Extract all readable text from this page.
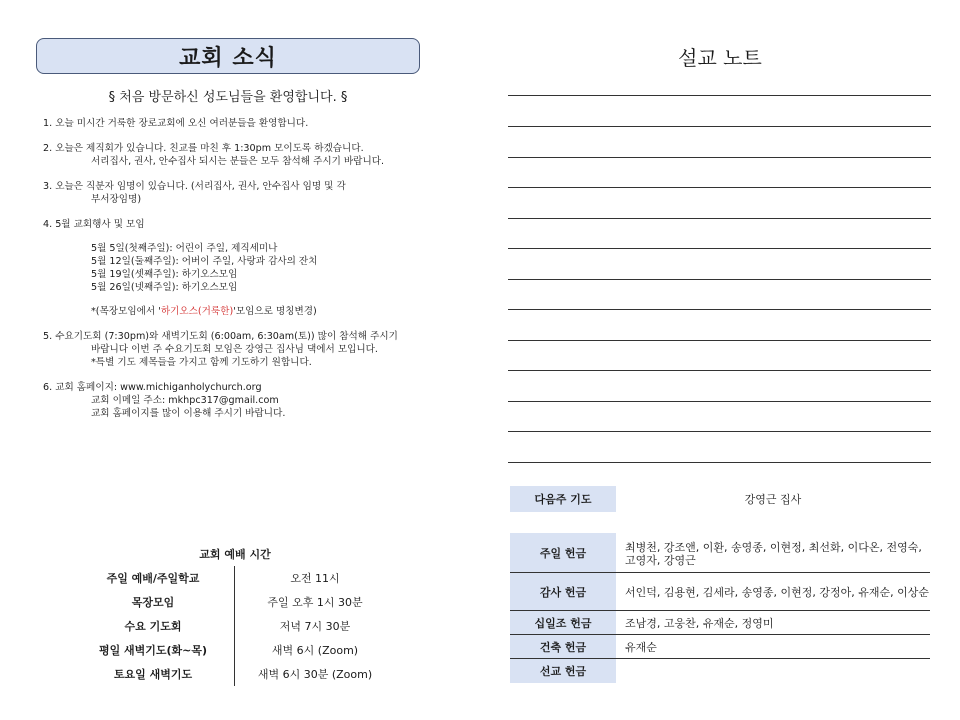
교회 소식
§ 처음 방문하신 성도님들을 환영합니다. §
1. 오늘 미시간 거룩한 장로교회에 오신 여러분들을 환영합니다.
2. 오늘은 제직회가 있습니다. 친교를 마친 후 1:30pm 모이도록 하겠습니다.
서리집사, 권사, 안수집사 되시는 분들은 모두 참석해 주시기 바랍니다.
3. 오늘은 직분자 임명이 있습니다. (서리집사, 권사, 안수집사 임명 및 각
부서장임명)
4. 5월 교회행사 및 모임
5월 5일(첫째주일): 어린이 주일, 제직세미나
5월 12일(둘째주일): 어버이 주일, 사랑과 감사의 잔치
5월 19일(셋째주일): 하기오스모임
5월 26일(넷째주일): 하기오스모임
*(목장모임에서 '하기오스(거룩한)'모임으로 명칭변경)
5. 수요기도회 (7:30pm)와 새벽기도회 (6:00am, 6:30am(토)) 많이 참석해 주시기
바랍니다 이번 주 수요기도회 모임은 강영근 집사님 댁에서 모입니다.
*특별 기도 제목들을 가지고 함께 기도하기 원합니다.
6. 교회 홈페이지: www.michiganholychurch.org
교회 이메일 주소: mkhpc317@gmail.com
교회 홈페이지를 많이 이용해 주시기 바랍니다.
교회 예배 시간
주일 예배/주일학교	오전 11시
목장모임	주일 오후 1시 30분
수요 기도회	저녁 7시 30분
평일 새벽기도(화~목)	새벽 6시 (Zoom)
토요일 새벽기도	새벽 6시 30분 (Zoom)
설교 노트
다음주 기도	강영근 집사
주일 헌금	최병천, 강조앤, 이환, 송영종, 이현정, 최선화, 이다온, 전영숙, 고영자, 강영근
감사 헌금	서인덕, 김용현, 김세라, 송영종, 이현정, 강정아, 유재순, 이상순
십일조 헌금	조남경, 고웅찬, 유재순, 정영미
건축 헌금	유재순
선교 헌금
